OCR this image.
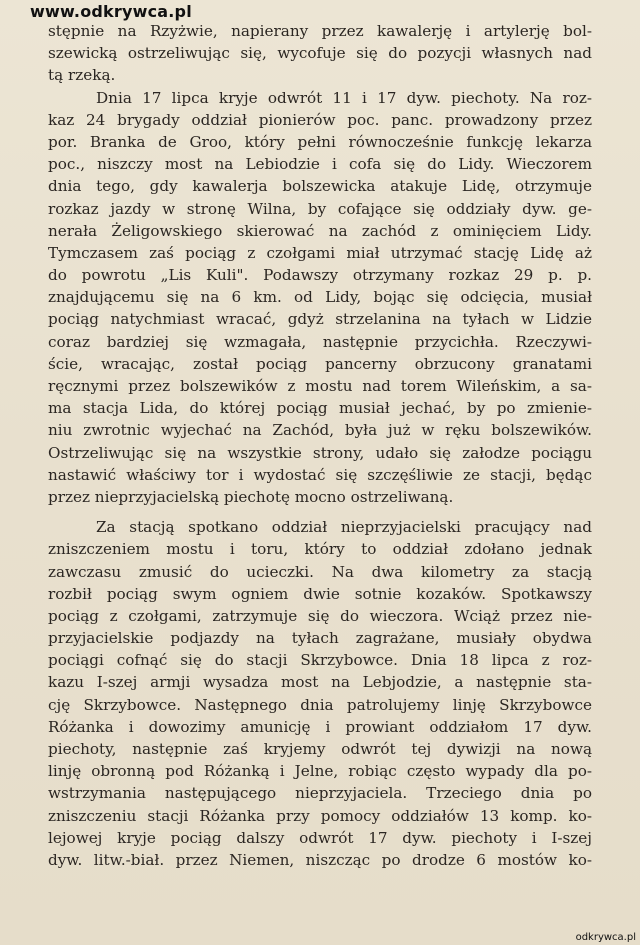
www.odkrywca.pl
stępnie na Rzyżwie, napierany przez kawalerję i artylerję bol-
szewicką ostrzeliwując się, wycofuje się do pozycji własnych nad
tą rzeką.
Dnia 17 lipca kryje odwrót 11 i 17 dyw. piechoty. Na roz-
kaz 24 brygady oddział pionierów poc. panc. prowadzony przez
por. Branka de Groo, który pełni równocześnie funkcję lekarza
poc., niszczy most na Lebiodzie i cofa się do Lidy. Wieczorem
dnia tego, gdy kawalerja bolszewicka atakuje Lidę, otrzymuje
rozkaz jazdy w stronę Wilna, by cofające się oddziały dyw. ge-
nerała Żeligowskiego skierować na zachód z ominięciem Lidy.
Tymczasem zaś pociąg z czołgami miał utrzymać stację Lidę aż
do powrotu „Lis Kuli". Podawszy otrzymany rozkaz 29 p. p.
znajdującemu się na 6 km. od Lidy, bojąc się odcięcia, musiał
pociąg natychmiast wracać, gdyż strzelanina na tyłach w Lidzie
coraz bardziej się wzmagała, następnie przycichła. Rzeczywi-
ście, wracając, został pociąg pancerny obrzucony granatami
ręcznymi przez bolszewików z mostu nad torem Wileńskim, a sa-
ma stacja Lida, do której pociąg musiał jechać, by po zmienie-
niu zwrotnic wyjechać na Zachód, była już w ręku bolszewików.
Ostrzeliwując się na wszystkie strony, udało się załodze pociągu
nastawić właściwy tor i wydostać się szczęśliwie ze stacji, będąc
przez nieprzyjacielską piechotę mocno ostrzeliwaną.
Za stacją spotkano oddział nieprzyjacielski pracujący nad
zniszczeniem mostu i toru, który to oddział zdołano jednak
zawczasu zmusić do ucieczki. Na dwa kilometry za stacją
rozbił pociąg swym ogniem dwie sotnie kozaków. Spotkawszy
pociąg z czołgami, zatrzymuje się do wieczora. Wciąż przez nie-
przyjacielskie podjazdy na tyłach zagrażane, musiały obydwa
pociągi cofnąć się do stacji Skrzybowce. Dnia 18 lipca z roz-
kazu I-szej armji wysadza most na Lebjodzie, a następnie sta-
cję Skrzybowce. Następnego dnia patrolujemy linję Skrzybowce
Różanka i dowozimy amunicję i prowiant oddziałom 17 dyw.
piechoty, następnie zaś kryjemy odwrót tej dywizji na nową
linję obronną pod Różanką i Jelne, robiąc często wypady dla po-
wstrzymania następującego nieprzyjaciela. Trzeciego dnia po
zniszczeniu stacji Różanka przy pomocy oddziałów 13 komp. ko-
lejowej kryje pociąg dalszy odwrót 17 dyw. piechoty i I-szej
dyw. litw.-biał. przez Niemen, niszcząc po drodze 6 mostów ko-
odkrywca.pl
